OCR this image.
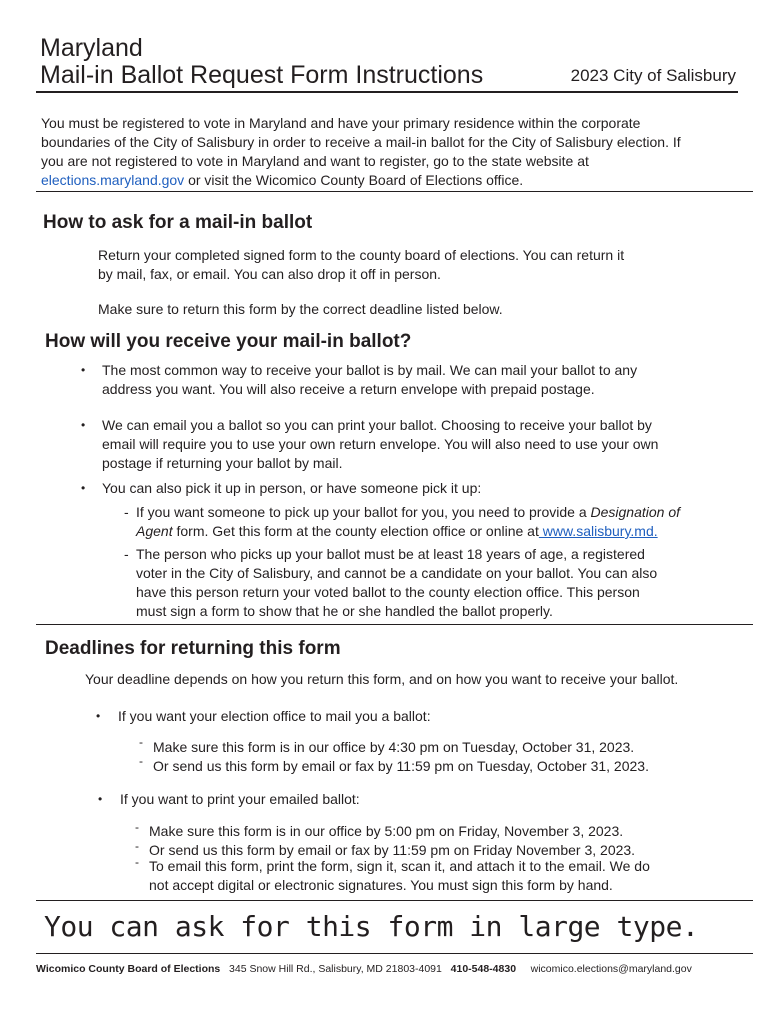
Maryland
Mail-in Ballot Request Form Instructions	2023 City of Salisbury
You must be registered to vote in Maryland and have your primary residence within the corporate
boundaries of the City of Salisbury in order to receive a mail-in ballot for the City of Salisbury election. If
you are not registered to vote in Maryland and want to register, go to the state website at
elections.maryland.gov or visit the Wicomico County Board of Elections office.
How to ask for a mail-in ballot
Return your completed signed form to the county board of elections. You can return it
by mail, fax, or email. You can also drop it off in person.
Make sure to return this form by the correct deadline listed below.
How will you receive your mail-in ballot?
• The most common way to receive your ballot is by mail. We can mail your ballot to any
address you want. You will also receive a return envelope with prepaid postage.
• We can email you a ballot so you can print your ballot. Choosing to receive your ballot by
email will require you to use your own return envelope. You will also need to use your own
postage if returning your ballot by mail.
• You can also pick it up in person, or have someone pick it up:
- If you want someone to pick up your ballot for you, you need to provide a Designation of
Agent form. Get this form at the county election office or online at www.salisbury.md.
- The person who picks up your ballot must be at least 18 years of age, a registered
voter in the City of Salisbury, and cannot be a candidate on your ballot. You can also
have this person return your voted ballot to the county election office. This person
must sign a form to show that he or she handled the ballot properly.
Deadlines for returning this form
Your deadline depends on how you return this form, and on how you want to receive your ballot.
• If you want your election office to mail you a ballot:
- Make sure this form is in our office by 4:30 pm on Tuesday, October 31, 2023.
- Or send us this form by email or fax by 11:59 pm on Tuesday, October 31, 2023.
• If you want to print your emailed ballot:
- Make sure this form is in our office by 5:00 pm on Friday, November 3, 2023.
- Or send us this form by email or fax by 11:59 pm on Friday November 3, 2023.
- To email this form, print the form, sign it, scan it, and attach it to the email. We do
not accept digital or electronic signatures. You must sign this form by hand.
You can ask for this form in large type.
Wicomico County Board of Elections 345 Snow Hill Rd., Salisbury, MD 21803-4091 410-548-4830 wicomico.elections@maryland.gov
